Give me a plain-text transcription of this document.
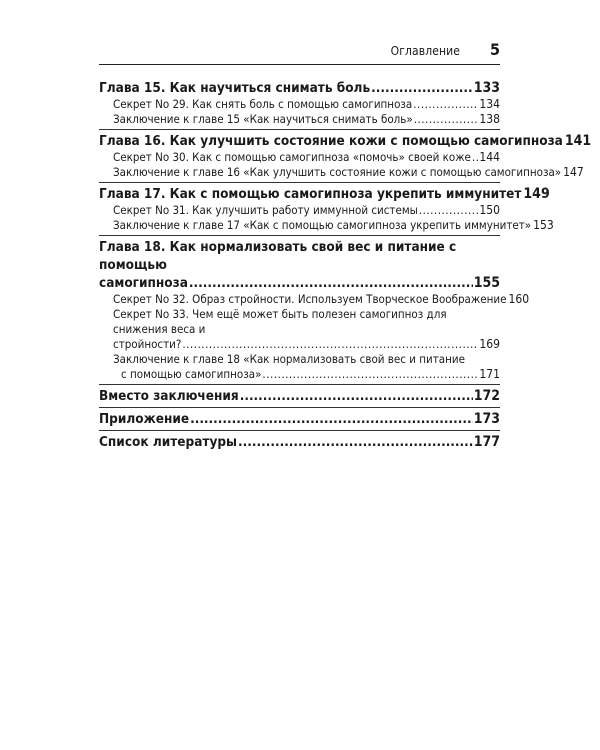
Оглавление 5
Глава 15. Как научиться снимать боль .....	133
Секрет No 29. Как снять боль с помощью самогипноза .....	134
Заключение к главе 15 «Как научиться снимать боль» .....	138
Глава 16. Как улучшить состояние кожи с помощью самогипноза 141
Секрет No 30. Как с помощью самогипноза «помочь» своей коже ..... 144
Заключение к главе 16 «Как улучшить состояние кожи с помощью самогипноза» 147
Глава 17. Как с помощью самогипноза укрепить иммунитет 149
Секрет No 31. Как улучшить работу иммунной системы .....	150
Заключение к главе 17 «Как с помощью самогипноза укрепить иммунитет» 153
Глава 18. Как нормализовать свой вес и питание с помощью
самогипноза .....	155
Секрет No 32. Образ стройности. Используем Творческое Воображение 160
Секрет No 33. Чем ещё может быть полезен самогипноз для снижения веса и
стройности? .....	169
Заключение к главе 18 «Как нормализовать свой вес и питание
с помощью самогипноза» .....	171
Вместо заключения .....	172
Приложение .....	173
Список литературы .....	177
